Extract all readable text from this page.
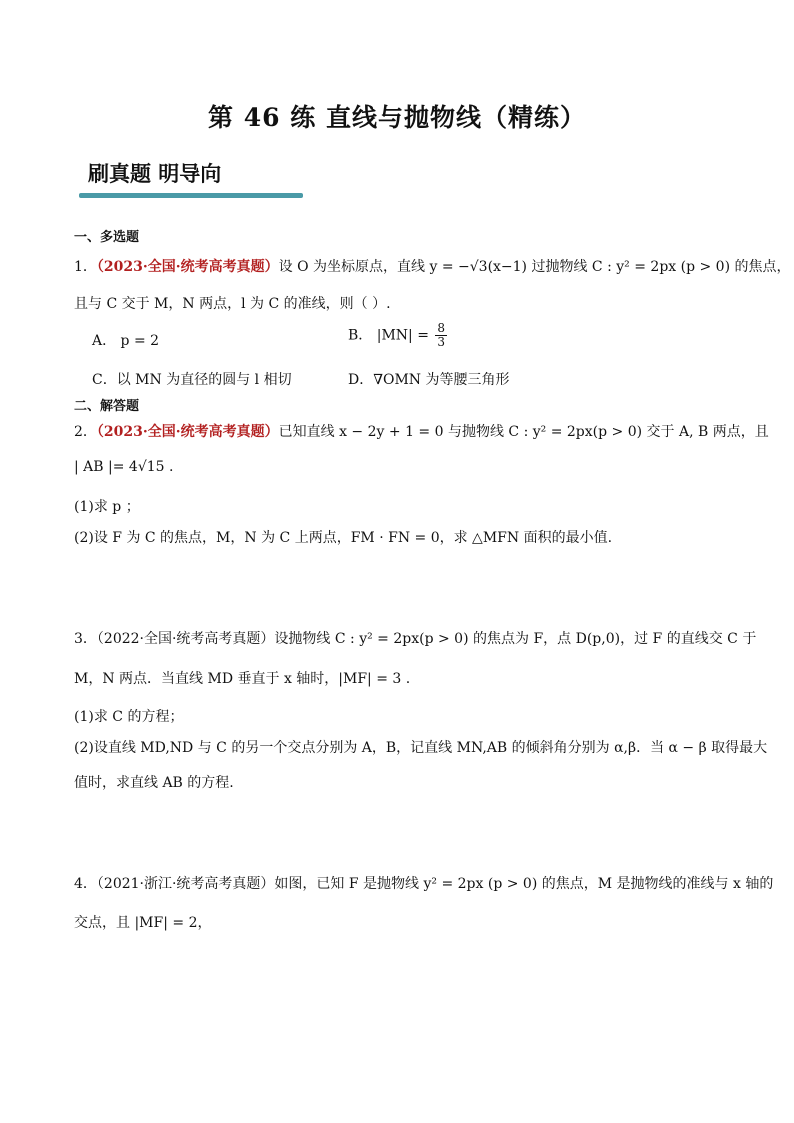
第 46 练 直线与抛物线（精练）
刷真题 明导向
一、多选题
1．（2023·全国·统考高考真题）设 O 为坐标原点，直线 y = −√3(x−1) 过抛物线 C : y² = 2px (p > 0) 的焦点，
且与 C 交于 M，N 两点，l 为 C 的准线，则（ ）.
A． p = 2	B． $|MN| = \frac{8}{3}$
C．以 MN 为直径的圆与 l 相切	D．∇OMN 为等腰三角形
二、解答题
2．（2023·全国·统考高考真题）已知直线 x − 2y + 1 = 0 与抛物线 C : y² = 2px(p > 0) 交于 A, B 两点，且
| AB |= 4√15 .
(1)求 p ；
(2)设 F 为 C 的焦点，M，N 为 C 上两点，FM · FN = 0，求 △MFN 面积的最小值.
3．（2022·全国·统考高考真题）设抛物线 C : y² = 2px(p > 0) 的焦点为 F，点 D(p,0)，过 F 的直线交 C 于
M，N 两点．当直线 MD 垂直于 x 轴时，|MF| = 3 .
(1)求 C 的方程；
(2)设直线 MD,ND 与 C 的另一个交点分别为 A，B，记直线 MN,AB 的倾斜角分别为 α,β．当 α − β 取得最大
值时，求直线 AB 的方程.
4．（2021·浙江·统考高考真题）如图，已知 F 是抛物线 y² = 2px (p > 0) 的焦点，M 是抛物线的准线与 x 轴的
交点，且 |MF| = 2，
